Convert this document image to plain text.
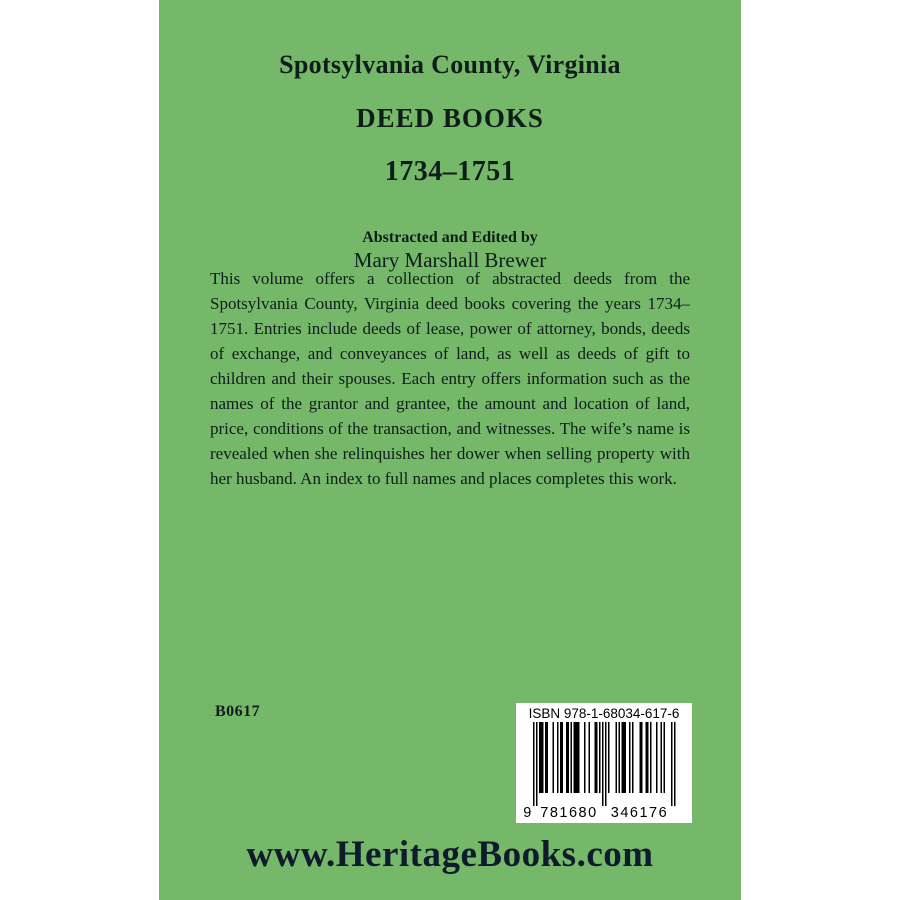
Spotsylvania County, Virginia
DEED BOOKS
1734–1751
Abstracted and Edited by
Mary Marshall Brewer
This volume offers a collection of abstracted deeds from the Spotsylvania County, Virginia deed books covering the years 1734–1751. Entries include deeds of lease, power of attorney, bonds, deeds of exchange, and conveyances of land, as well as deeds of gift to children and their spouses. Each entry offers information such as the names of the grantor and grantee, the amount and location of land, price, conditions of the transaction, and witnesses. The wife’s name is revealed when she relinquishes her dower when selling property with her husband. An index to full names and places completes this work.
B0617	ISBN 978-1-68034-617-6
9 781680 346176
www.HeritageBooks.com
